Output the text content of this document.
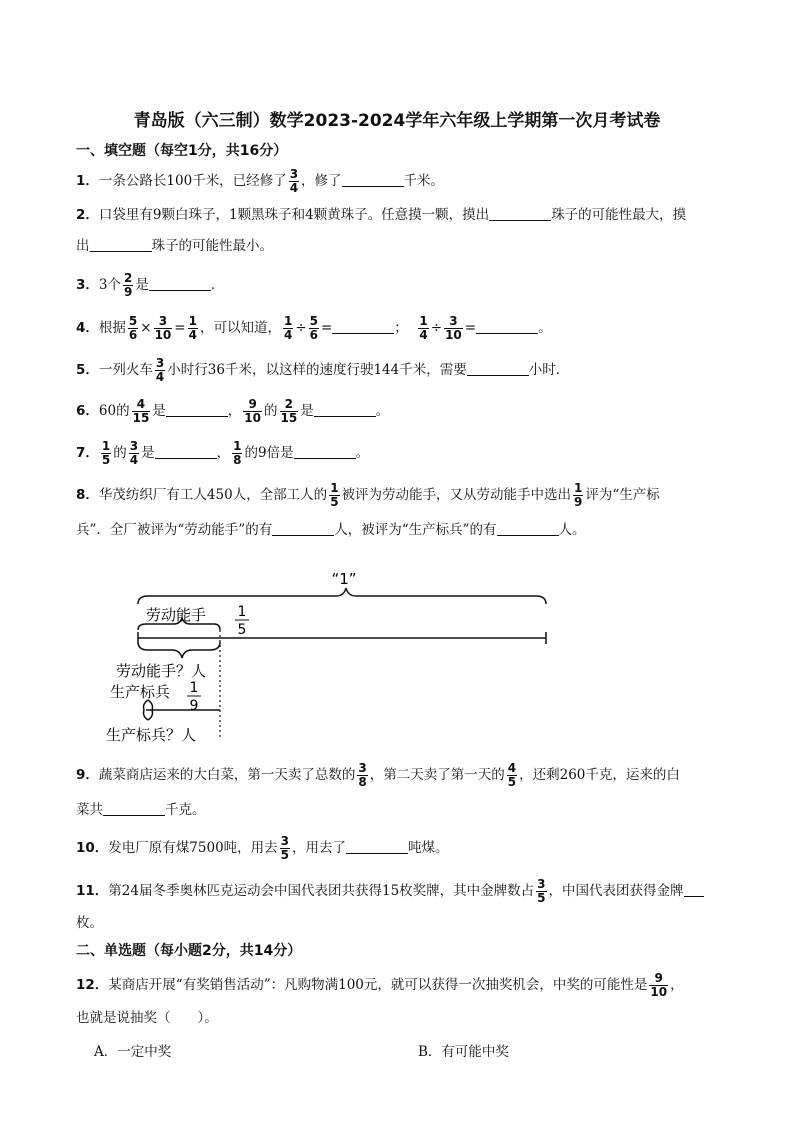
青岛版（六三制）数学2023-2024学年六年级上学期第一次月考试卷
一、填空题（每空1分，共16分）
1．一条公路长100千米，已经修了 $\frac{3}{4}$ ，修了	千米。
2．口袋里有9颗白珠子，1颗黑珠子和4颗黄珠子。任意摸一颗，摸出	珠子的可能性最大，摸
出	珠子的可能性最小。
3．3个 $\frac{2}{9}$ 是	．
4．根据 $\frac{5}{6} \times \frac{3}{10} = \frac{1}{4}$ ，可以知道， $\frac{1}{4} \div \frac{5}{6}$ =	； $\frac{1}{4} \div \frac{3}{10}$ =	。
5．一列火车 $\frac{3}{4}$ 小时行36千米，以这样的速度行驶144千米，需要	小时．
6．60的 $\frac{4}{15}$ 是	， $\frac{9}{10}$ 的 $\frac{2}{15}$ 是	。
7． $\frac{1}{5}$ 的 $\frac{3}{4}$ 是	， $\frac{1}{8}$ 的9倍是	。
8．华茂纺织厂有工人450人，全部工人的 $\frac{1}{5}$ 被评为劳动能手，又从劳动能手中选出 $\frac{1}{9}$ 评为“生产标
兵”．全厂被评为“劳动能手”的有	人，被评为“生产标兵”的有	人。
“1”
劳动能手 1
5
劳动能手？人
生产标兵 1
9
生产标兵？人
9．蔬菜商店运来的大白菜，第一天卖了总数的 $\frac{3}{8}$ ，第二天卖了第一天的 $\frac{4}{5}$ ，还剩260千克，运来的白
菜共	千克。
10．发电厂原有煤7500吨，用去 $\frac{3}{5}$ ，用去了	吨煤。
11．第24届冬季奥林匹克运动会中国代表团共获得15枚奖牌，其中金牌数占 $\frac{3}{5}$ ，中国代表团获得金牌
枚。
二、单选题（每小题2分，共14分）
12．某商店开展“有奖销售活动”：凡购物满100元，就可以获得一次抽奖机会，中奖的可能性是 $\frac{9}{10}$ ，
也就是说抽奖（　　）。
A．一定中奖	B．有可能中奖
